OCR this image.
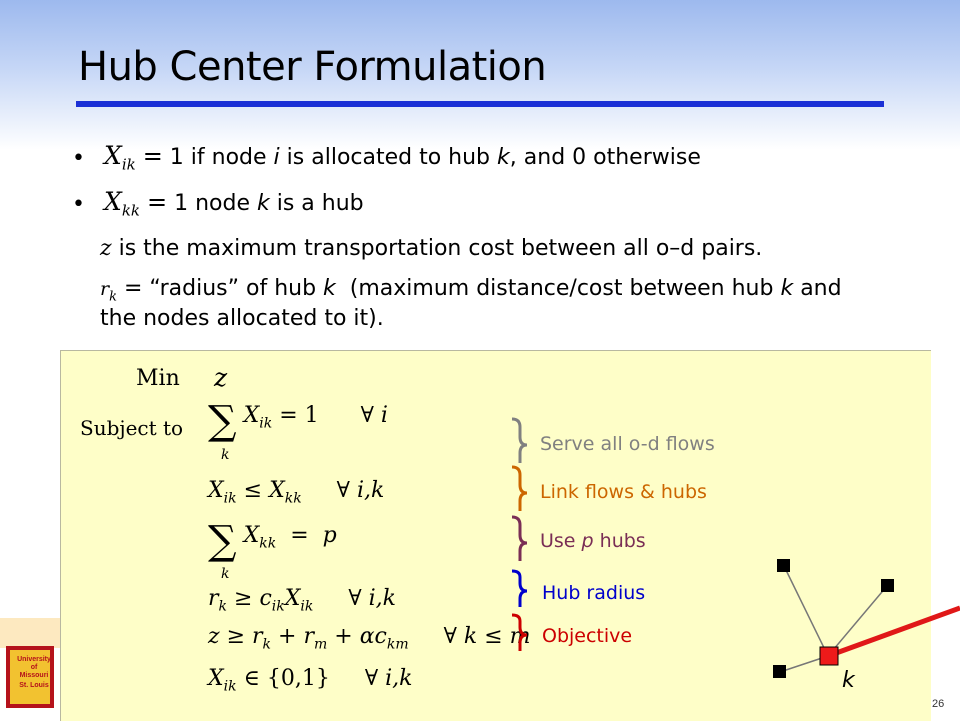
Hub Center Formulation
• $X_{ik} = 1$ if node i is allocated to hub k, and 0 otherwise
• $X_{kk} = 1$ node k is a hub
z is the maximum transportation cost between all o–d pairs.
$r_k$ = “radius” of hub k  (maximum distance/cost between hub k and
the nodes allocated to it).
Min z
Subject to ∑ $X_{ik} = 1$      ∀ i
k
$X_{ik} \le X_{kk}$     ∀ i,k
∑ $X_{kk} = p$
k
$r_k \ge c_{ik}X_{ik}$     ∀ i,k
$z \ge r_k + r_m + \alpha c_{km}$     ∀ k ≤ m
$X_{ik}$ ∈ {0,1}     ∀ i,k
Serve all o-d flows
Link flows & hubs
Use p hubs
Hub radius
Objective
k
University
of
Missouri
St. Louis
26
